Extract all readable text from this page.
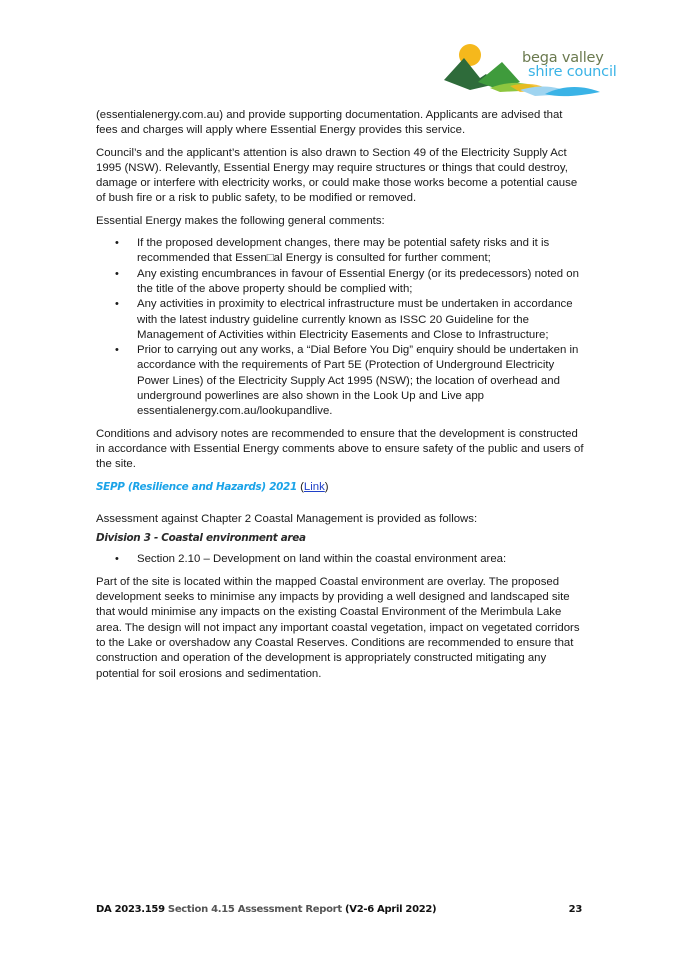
bega valley
shire council

(essentialenergy.com.au) and provide supporting documentation. Applicants are advised that fees and charges will apply where Essential Energy provides this service.

Council’s and the applicant’s attention is also drawn to Section 49 of the Electricity Supply Act 1995 (NSW). Relevantly, Essential Energy may require structures or things that could destroy, damage or interfere with electricity works, or could make those works become a potential cause of bush fire or a risk to public safety, to be modified or removed.

Essential Energy makes the following general comments:

• If the proposed development changes, there may be potential safety risks and it is recommended that Essen□al Energy is consulted for further comment;
• Any existing encumbrances in favour of Essential Energy (or its predecessors) noted on the title of the above property should be complied with;
• Any activities in proximity to electrical infrastructure must be undertaken in accordance with the latest industry guideline currently known as ISSC 20 Guideline for the Management of Activities within Electricity Easements and Close to Infrastructure;
• Prior to carrying out any works, a “Dial Before You Dig” enquiry should be undertaken in accordance with the requirements of Part 5E (Protection of Underground Electricity Power Lines) of the Electricity Supply Act 1995 (NSW); the location of overhead and underground powerlines are also shown in the Look Up and Live app essentialenergy.com.au/lookupandlive.

Conditions and advisory notes are recommended to ensure that the development is constructed in accordance with Essential Energy comments above to ensure safety of the public and users of the site.

SEPP (Resilience and Hazards) 2021 (Link)

Assessment against Chapter 2 Coastal Management is provided as follows:

Division 3 - Coastal environment area
• Section 2.10 – Development on land within the coastal environment area:

Part of the site is located within the mapped Coastal environment are overlay. The proposed development seeks to minimise any impacts by providing a well designed and landscaped site that would minimise any impacts on the existing Coastal Environment of the Merimbula Lake area. The design will not impact any important coastal vegetation, impact on vegetated corridors to the Lake or overshadow any Coastal Reserves. Conditions are recommended to ensure that construction and operation of the development is appropriately constructed mitigating any potential for soil erosions and sedimentation.

DA 2023.159 Section 4.15 Assessment Report (V2-6 April 2022)	23
